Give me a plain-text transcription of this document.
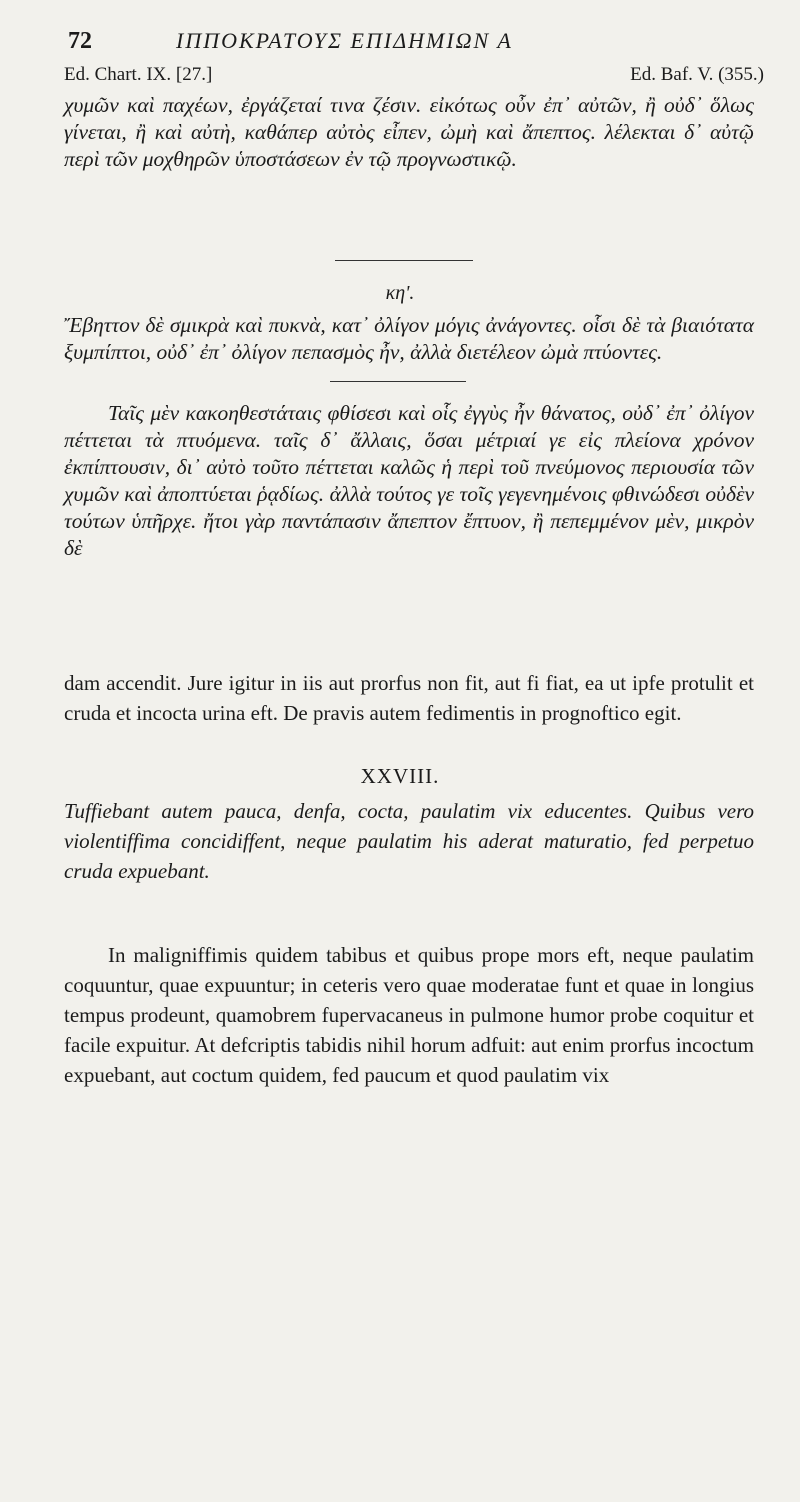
72	ΙΠΠΟΚΡΑΤΟΥΣ ΕΠΙΔΗΜΙΩΝ Α
Ed. Chart. IX. [27.]	Ed. Baf. V. (355.)
χυμῶν καὶ παχέων, ἐργάζεταί τινα ζέσιν. εἰκότως οὖν ἐπ᾽ αὐτῶν, ἢ οὐδ᾽ ὅλως γίνεται, ἢ καὶ αὐτὴ, καθάπερ αὐτὸς εἶπεν, ὠμὴ καὶ ἄπεπτος. λέλεκται δ᾽ αὐτῷ περὶ τῶν μοχθηρῶν ὑποστάσεων ἐν τῷ προγνωστικῷ.
κη'.
Ἔβηττον δὲ σμικρὰ καὶ πυκνὰ, κατ᾽ ὀλίγον μόγις ἀνάγοντες. οἷσι δὲ τὰ βιαιότατα ξυμπίπτοι, οὐδ᾽ ἐπ᾽ ὀλίγον πεπασμὸς ἦν, ἀλλὰ διετέλεον ὠμὰ πτύοντες.
Ταῖς μὲν κακοηθεστάταις φθίσεσι καὶ οἷς ἐγγὺς ἦν θάνατος, οὐδ᾽ ἐπ᾽ ὀλίγον πέττεται τὰ πτυόμενα. ταῖς δ᾽ ἄλλαις, ὅσαι μέτριαί γε εἰς πλείονα χρόνον ἐκπίπτουσιν, δι᾽ αὐτὸ τοῦτο πέττεται καλῶς ἡ περὶ τοῦ πνεύμονος περιουσία τῶν χυμῶν καὶ ἀποπτύεται ῥᾳδίως. ἀλλὰ τούτος γε τοῖς γεγενημένοις φθινώδεσι οὐδὲν τούτων ὑπῆρχε. ἤτοι γὰρ παντάπασιν ἄπεπτον ἔπτυον, ἢ πεπεμμένον μὲν, μικρὸν δὲ
dam accendit. Jure igitur in iis aut prorfus non fit, aut fi fiat, ea ut ipfe protulit et cruda et incocta urina eft. De pravis autem fedimentis in prognoftico egit.
XXVIII.
Tuffiebant autem pauca, denfa, cocta, paulatim vix educentes. Quibus vero violentiffima concidiffent, neque paulatim his aderat maturatio, fed perpetuo cruda expuebant.
In maligniffimis quidem tabibus et quibus prope mors eft, neque paulatim coquuntur, quae expuuntur; in ceteris vero quae moderatae funt et quae in longius tempus prodeunt, quamobrem fupervacaneus in pulmone humor probe coquitur et facile expuitur. At defcriptis tabidis nihil horum adfuit: aut enim prorfus incoctum expuebant, aut coctum quidem, fed paucum et quod paulatim vix
